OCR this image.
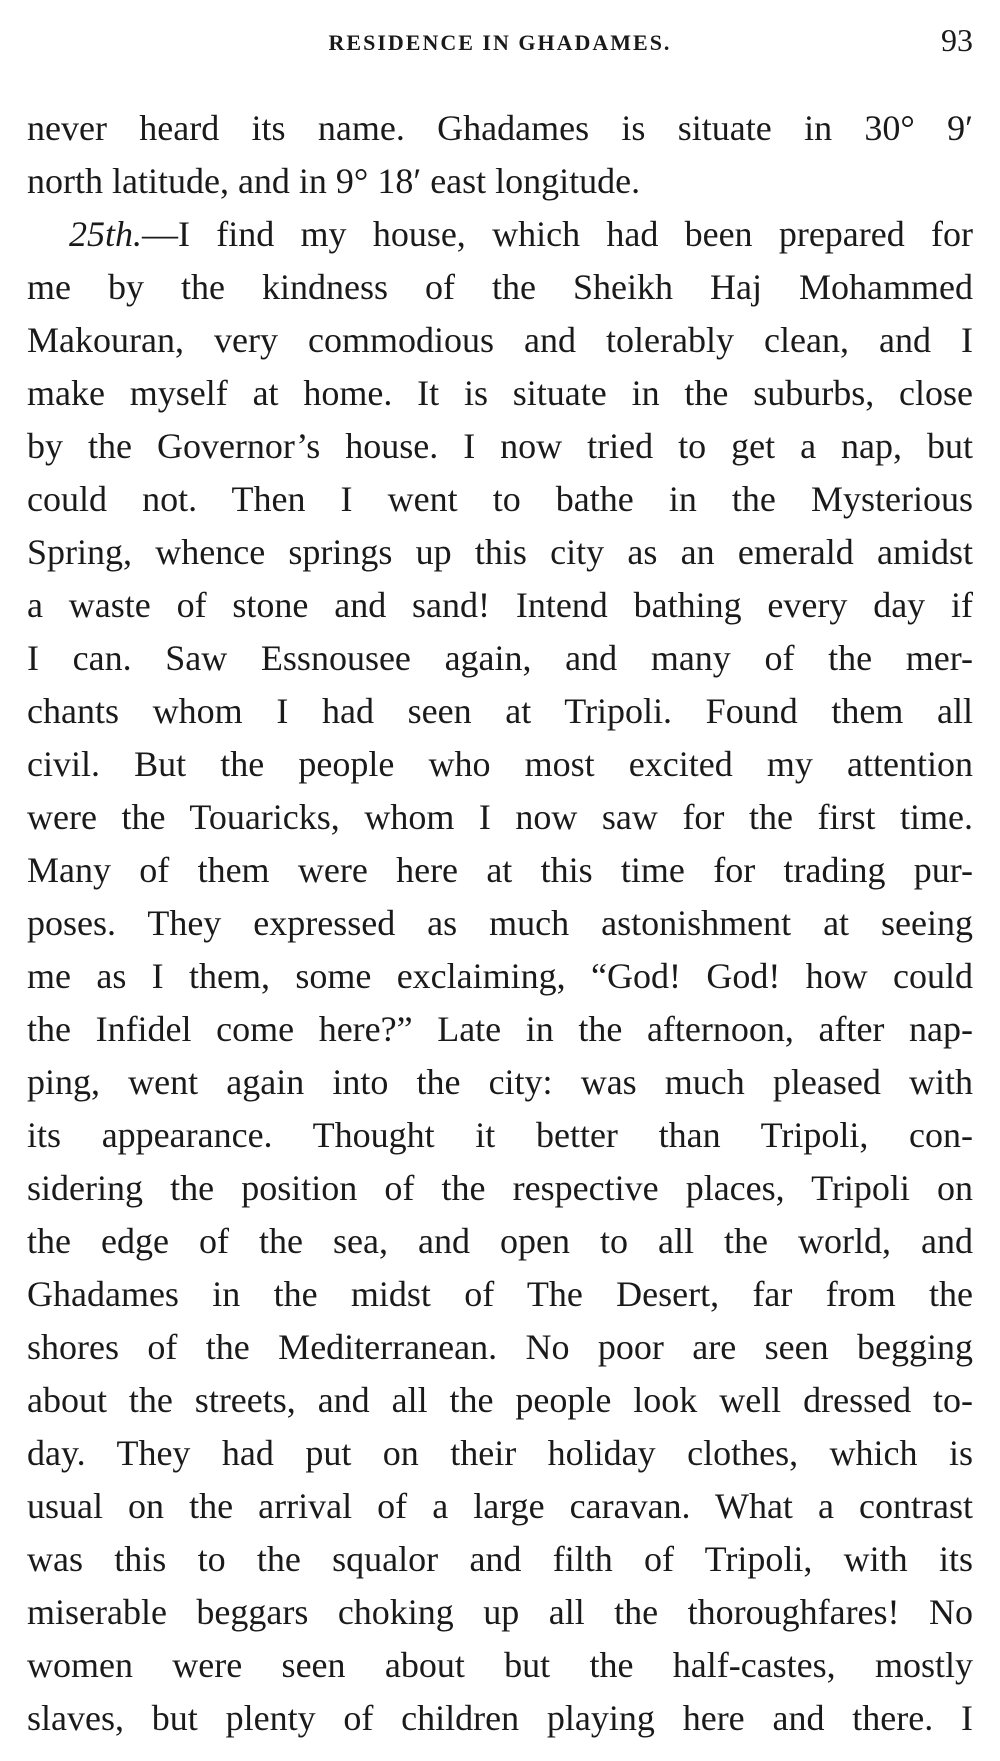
RESIDENCE IN GHADAMES.	93
never heard its name. Ghadames is situate in 30° 9′
north latitude, and in 9° 18′ east longitude.
25th.—I find my house, which had been prepared for
me by the kindness of the Sheikh Haj Mohammed
Makouran, very commodious and tolerably clean, and I
make myself at home. It is situate in the suburbs, close
by the Governor’s house. I now tried to get a nap, but
could not. Then I went to bathe in the Mysterious
Spring, whence springs up this city as an emerald amidst
a waste of stone and sand! Intend bathing every day if
I can. Saw Essnousee again, and many of the mer-
chants whom I had seen at Tripoli. Found them all
civil. But the people who most excited my attention
were the Touaricks, whom I now saw for the first time.
Many of them were here at this time for trading pur-
poses. They expressed as much astonishment at seeing
me as I them, some exclaiming, “God! God! how could
the Infidel come here?” Late in the afternoon, after nap-
ping, went again into the city: was much pleased with
its appearance. Thought it better than Tripoli, con-
sidering the position of the respective places, Tripoli on
the edge of the sea, and open to all the world, and
Ghadames in the midst of The Desert, far from the
shores of the Mediterranean. No poor are seen begging
about the streets, and all the people look well dressed to-
day. They had put on their holiday clothes, which is
usual on the arrival of a large caravan. What a contrast
was this to the squalor and filth of Tripoli, with its
miserable beggars choking up all the thoroughfares! No
women were seen about but the half-castes, mostly
slaves, but plenty of children playing here and there. I
